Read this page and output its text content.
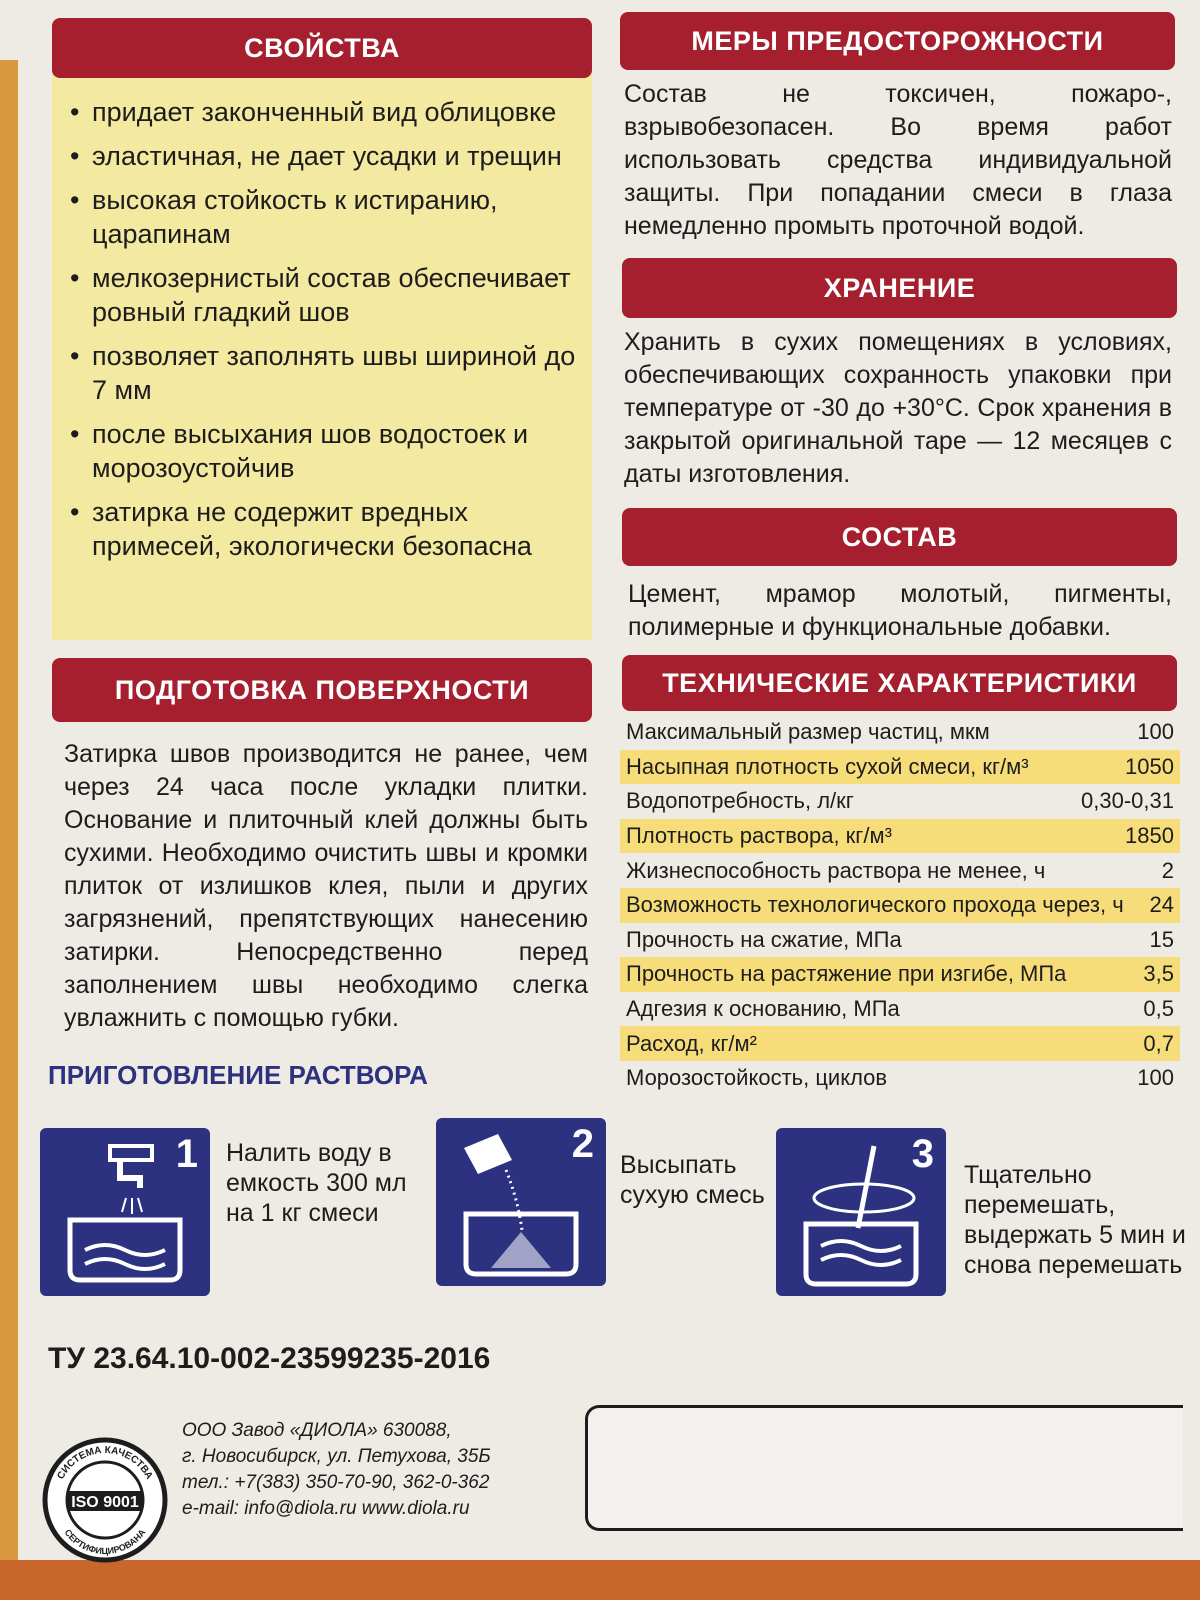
СВОЙСТВА
• придает законченный вид облицовке
• эластичная, не дает усадки и трещин
• высокая стойкость к истиранию, царапинам
• мелкозернистый состав обеспечивает ровный гладкий шов
• позволяет заполнять швы шириной до 7 мм
• после высыхания шов водостоек и морозоустойчив
• затирка не содержит вредных примесей, экологически безопасна
МЕРЫ ПРЕДОСТОРОЖНОСТИ
Состав не токсичен, пожаро-, взрывобезопасен. Во время работ использовать средства индивидуальной защиты. При попадании смеси в глаза немедленно промыть проточной водой.
ХРАНЕНИЕ
Хранить в сухих помещениях в условиях, обеспечивающих сохранность упаковки при температуре от -30 до +30°С. Срок хранения в закрытой оригинальной таре — 12 месяцев с даты изготовления.
СОСТАВ
Цемент, мрамор молотый, пигменты, полимерные и функциональные добавки.
ПОДГОТОВКА ПОВЕРХНОСТИ
Затирка швов производится не ранее, чем через 24 часа после укладки плитки. Основание и плиточный клей должны быть сухими. Необходимо очистить швы и кромки плиток от излишков клея, пыли и других загрязнений, препятствующих нанесению затирки. Непосредственно перед заполнением швы необходимо слегка увлажнить с помощью губки.
ТЕХНИЧЕСКИЕ ХАРАКТЕРИСТИКИ
Максимальный размер частиц, мкм	100
Насыпная плотность сухой смеси, кг/м³	1050
Водопотребность, л/кг	0,30-0,31
Плотность раствора, кг/м³	1850
Жизнеспособность раствора не менее, ч	2
Возможность технологического прохода через, ч 24
Прочность на сжатие, МПа	15
Прочность на растяжение при изгибе, МПа	3,5
Адгезия к основанию, МПа	0,5
Расход, кг/м²	0,7
Морозостойкость, циклов	100
ПРИГОТОВЛЕНИЕ РАСТВОРА
1 Налить воду в емкость 300 мл на 1 кг смеси
2 Высыпать сухую смесь
3 Тщательно перемешать, выдержать 5 мин и снова перемешать
ТУ 23.64.10-002-23599235-2016
СИСТЕМА КАЧЕСТВА
СЕРТИФИЦИРОВАНА
ISO 9001
ООО Завод «ДИОЛА» 630088,
г. Новосибирск, ул. Петухова, 35Б
тел.: +7(383) 350-70-90, 362-0-362
e-mail: info@diola.ru www.diola.ru
